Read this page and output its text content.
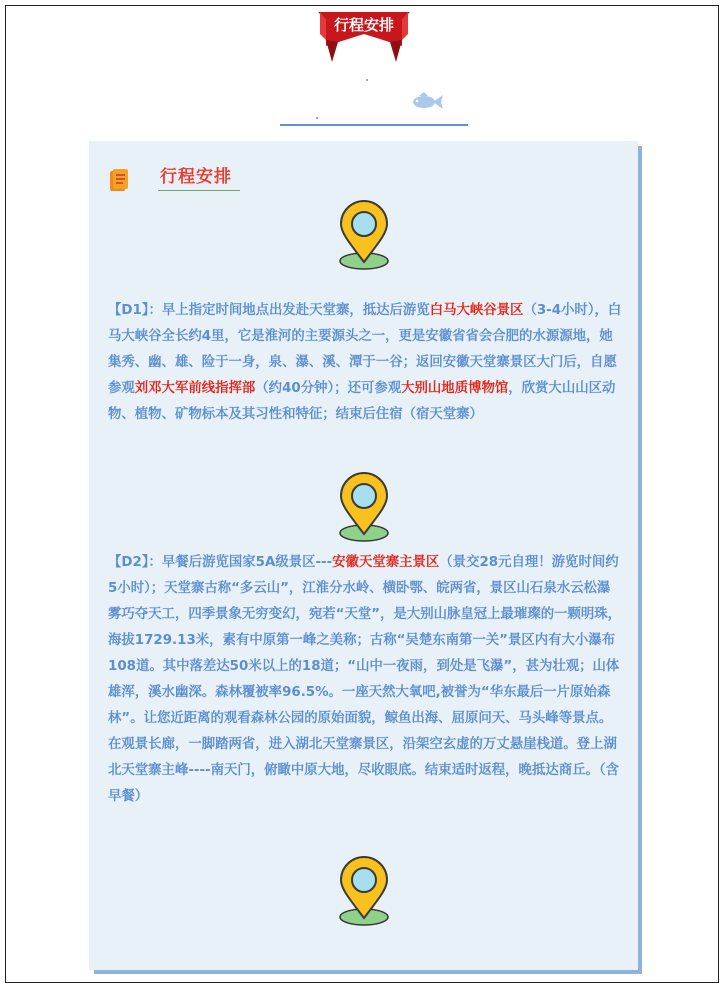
行程安排
行程安排

【D1】：早上指定时间地点出发赴天堂寨，抵达后游览白马大峡谷景区（3-4小时），白马大峡谷全长约4里，它是淮河的主要源头之一，更是安徽省省会合肥的水源源地，她集秀、幽、雄、险于一身，泉、瀑、溪、潭于一谷；返回安徽天堂寨景区大门后，自愿参观刘邓大军前线指挥部（约40分钟）；还可参观大别山地质博物馆，欣赏大山山区动物、植物、矿物标本及其习性和特征；结束后住宿（宿天堂寨）

【D2】：早餐后游览国家5A级景区---安徽天堂寨主景区（景交28元自理！游览时间约5小时）；天堂寨古称“多云山”，江淮分水岭、横卧鄂、皖两省，景区山石泉水云松瀑雾巧夺天工，四季景象无穷变幻，宛若“天堂”，是大别山脉皇冠上最璀璨的一颗明珠，海拔1729.13米，素有中原第一峰之美称；古称“吴楚东南第一关”景区内有大小瀑布108道。其中落差达50米以上的18道；“山中一夜雨，到处是飞瀑”，甚为壮观；山体雄浑，溪水幽深。森林覆被率96.5%。一座天然大氧吧,被誉为“华东最后一片原始森林”。让您近距离的观看森林公园的原始面貌，鲸鱼出海、屈原问天、马头峰等景点。在观景长廊，一脚踏两省，进入湖北天堂寨景区，沿架空玄虚的万丈悬崖栈道。登上湖北天堂寨主峰----南天门，俯瞰中原大地，尽收眼底。结束适时返程，晚抵达商丘。（含早餐）
